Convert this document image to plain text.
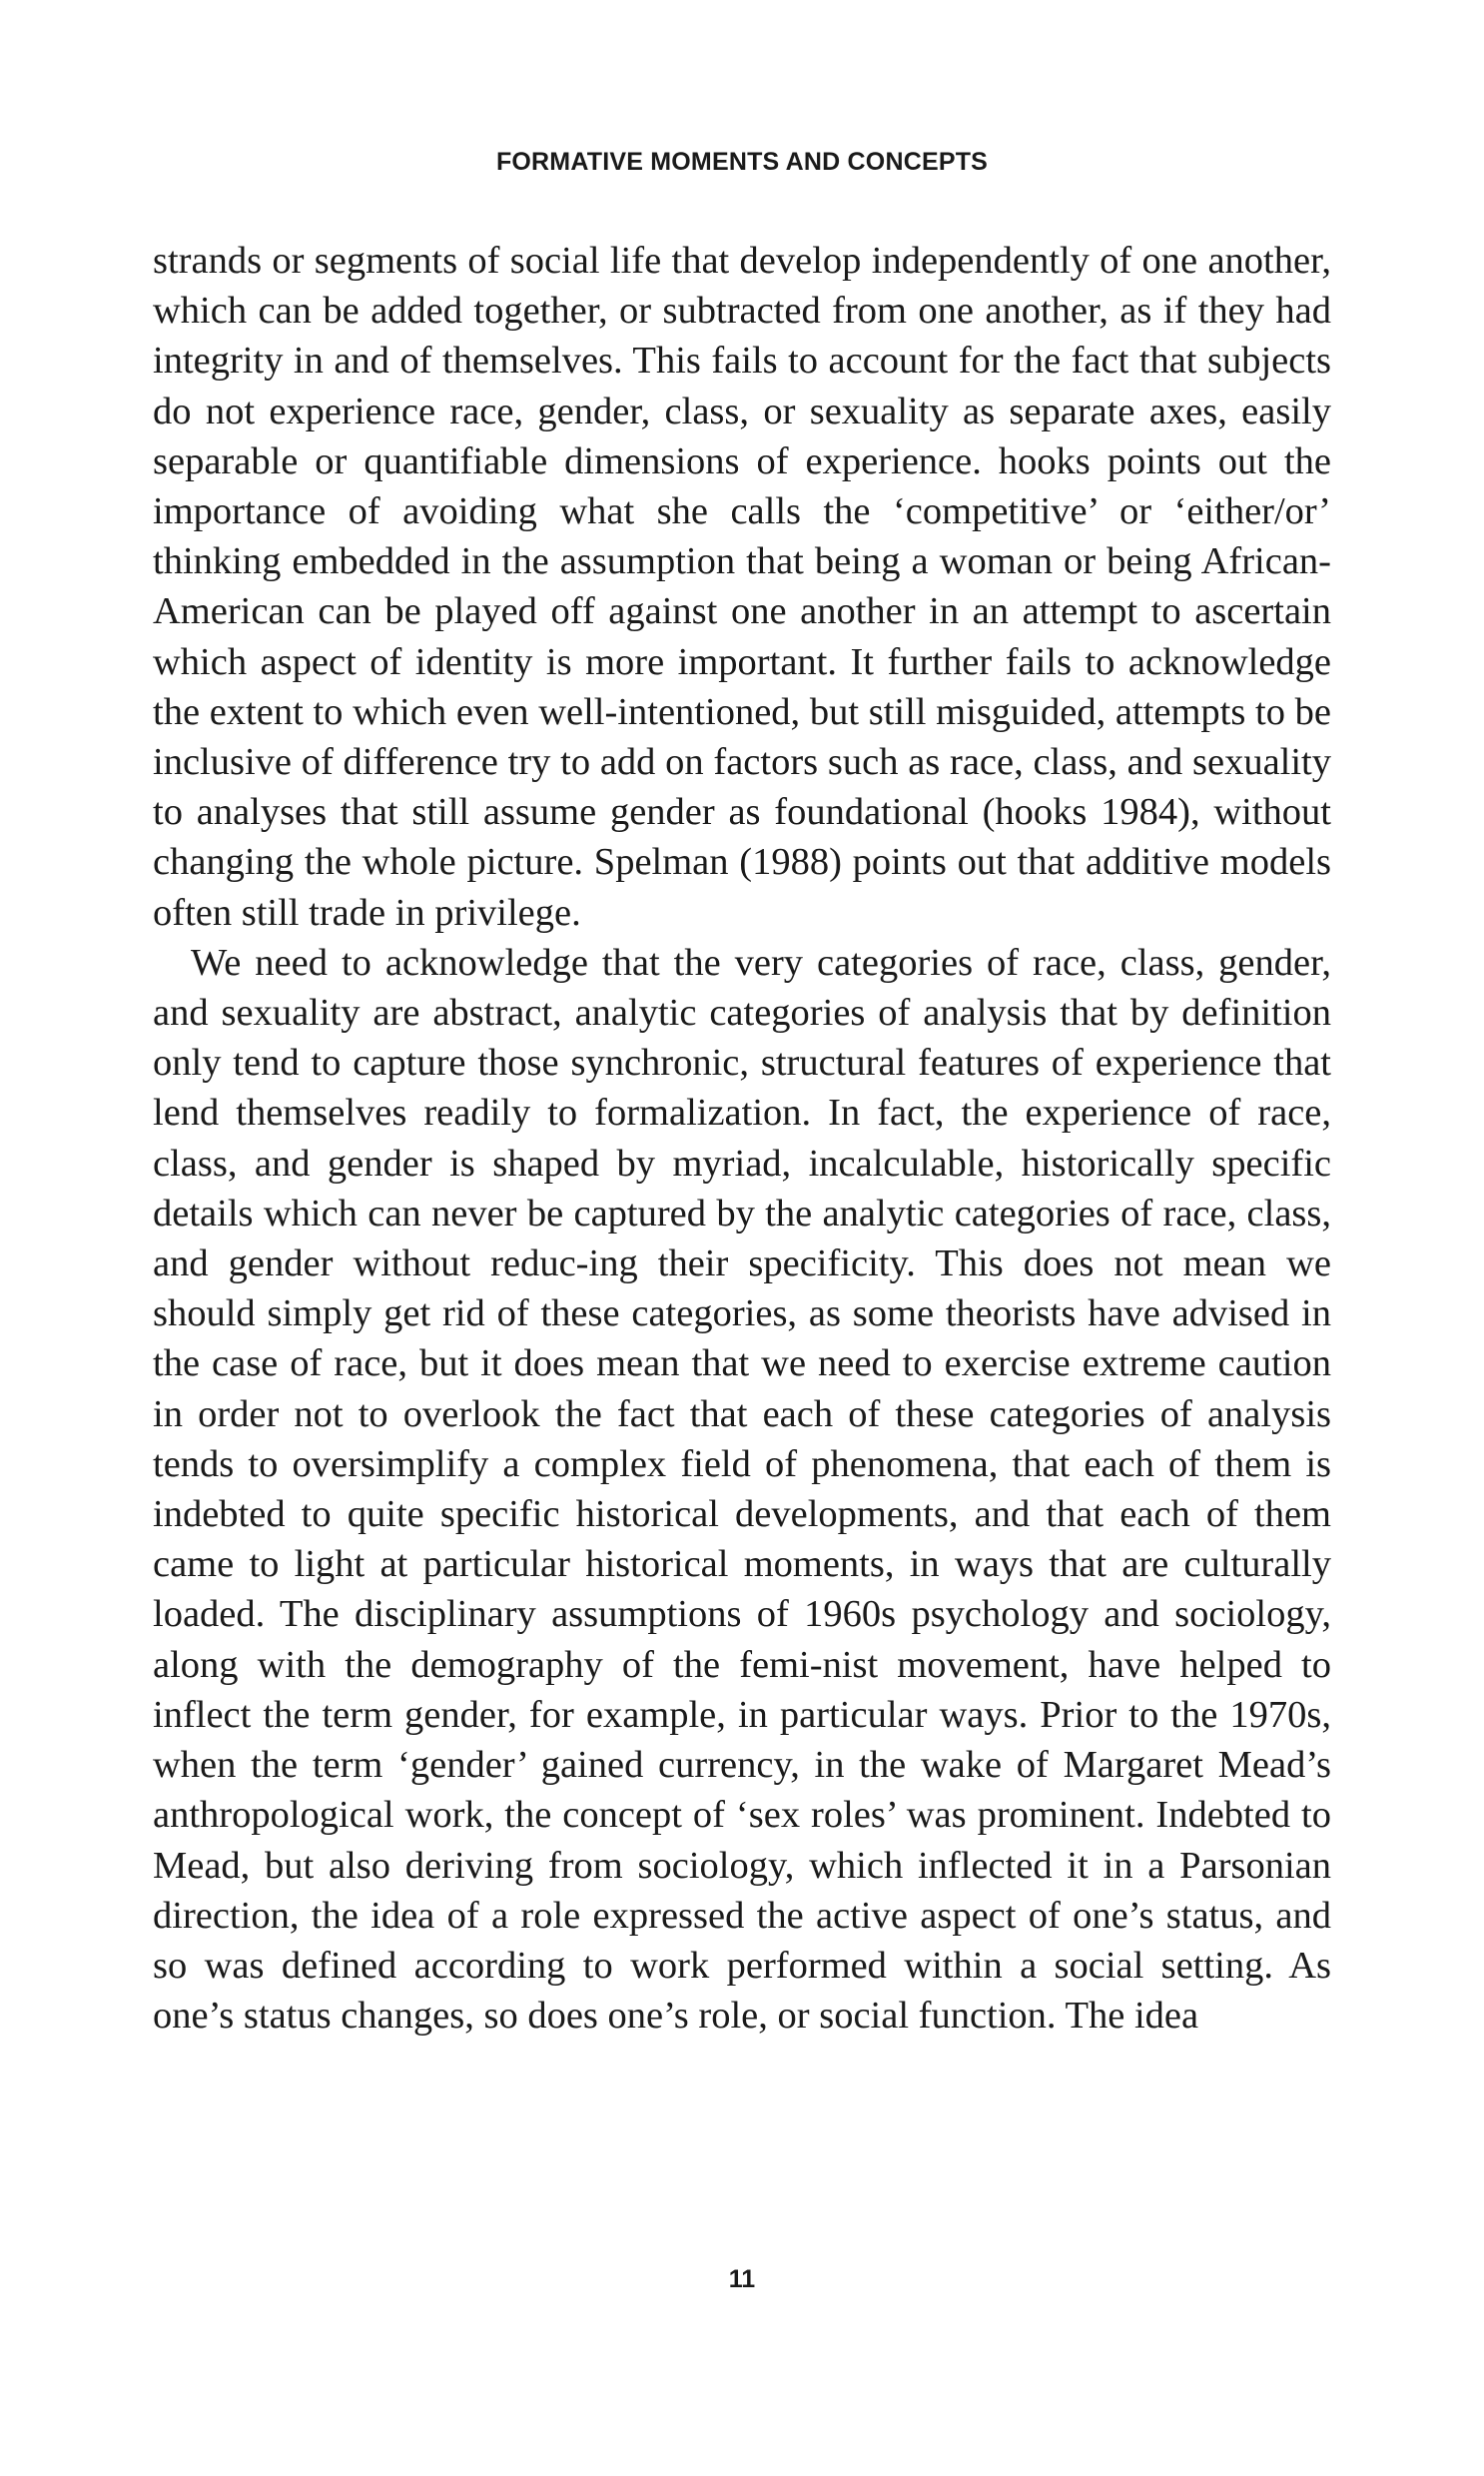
FORMATIVE MOMENTS AND CONCEPTS

strands or segments of social life that develop independently of one another, which can be added together, or subtracted from one another, as if they had integrity in and of themselves. This fails to account for the fact that subjects do not experience race, gender, class, or sexuality as separate axes, easily separable or quantifiable dimensions of experience. hooks points out the importance of avoiding what she calls the ‘competitive’ or ‘either/or’ thinking embedded in the assumption that being a woman or being African-American can be played off against one another in an attempt to ascertain which aspect of identity is more important. It further fails to acknowledge the extent to which even well-intentioned, but still misguided, attempts to be inclusive of difference try to add on factors such as race, class, and sexuality to analyses that still assume gender as foundational (hooks 1984), without changing the whole picture. Spelman (1988) points out that additive models often still trade in privilege.

We need to acknowledge that the very categories of race, class, gender, and sexuality are abstract, analytic categories of analysis that by definition only tend to capture those synchronic, structural features of experience that lend themselves readily to formalization. In fact, the experience of race, class, and gender is shaped by myriad, incalculable, historically specific details which can never be captured by the analytic categories of race, class, and gender without reduc-ing their specificity. This does not mean we should simply get rid of these categories, as some theorists have advised in the case of race, but it does mean that we need to exercise extreme caution in order not to overlook the fact that each of these categories of analysis tends to oversimplify a complex field of phenomena, that each of them is indebted to quite specific historical developments, and that each of them came to light at particular historical moments, in ways that are culturally loaded. The disciplinary assumptions of 1960s psychology and sociology, along with the demography of the femi-nist movement, have helped to inflect the term gender, for example, in particular ways. Prior to the 1970s, when the term ‘gender’ gained currency, in the wake of Margaret Mead’s anthropological work, the concept of ‘sex roles’ was prominent. Indebted to Mead, but also deriving from sociology, which inflected it in a Parsonian direction, the idea of a role expressed the active aspect of one’s status, and so was defined according to work performed within a social setting. As one’s status changes, so does one’s role, or social function. The idea

11
